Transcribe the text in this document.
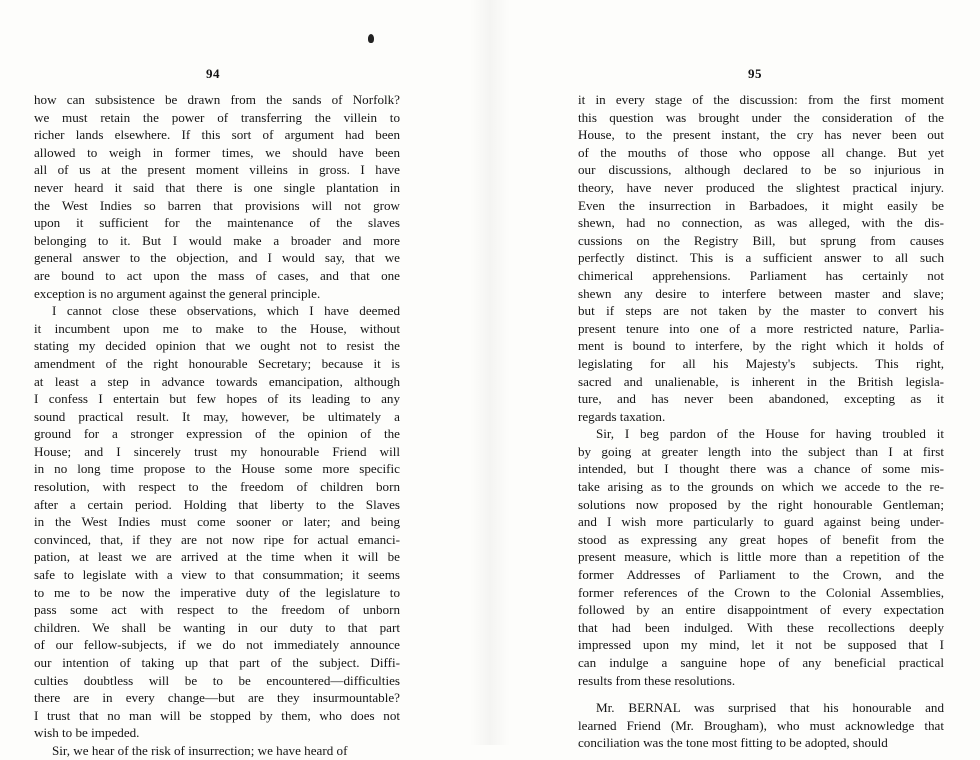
94	95
how can subsistence be drawn from the sands of Norfolk?
we must retain the power of transferring the villein to
richer lands elsewhere. If this sort of argument had been
allowed to weigh in former times, we should have been
all of us at the present moment villeins in gross. I have
never heard it said that there is one single plantation in
the West Indies so barren that provisions will not grow
upon it sufficient for the maintenance of the slaves
belonging to it. But I would make a broader and more
general answer to the objection, and I would say, that we
are bound to act upon the mass of cases, and that one
exception is no argument against the general principle.
I cannot close these observations, which I have deemed
it incumbent upon me to make to the House, without
stating my decided opinion that we ought not to resist the
amendment of the right honourable Secretary; because it is
at least a step in advance towards emancipation, although
I confess I entertain but few hopes of its leading to any
sound practical result. It may, however, be ultimately a
ground for a stronger expression of the opinion of the
House; and I sincerely trust my honourable Friend will
in no long time propose to the House some more specific
resolution, with respect to the freedom of children born
after a certain period. Holding that liberty to the Slaves
in the West Indies must come sooner or later; and being
convinced, that, if they are not now ripe for actual emanci-
pation, at least we are arrived at the time when it will be
safe to legislate with a view to that consummation; it seems
to me to be now the imperative duty of the legislature to
pass some act with respect to the freedom of unborn
children. We shall be wanting in our duty to that part
of our fellow-subjects, if we do not immediately announce
our intention of taking up that part of the subject. Diffi-
culties doubtless will be to be encountered—difficulties
there are in every change—but are they insurmountable?
I trust that no man will be stopped by them, who does not
wish to be impeded.
Sir, we hear of the risk of insurrection; we have heard of
it in every stage of the discussion: from the first moment
this question was brought under the consideration of the
House, to the present instant, the cry has never been out
of the mouths of those who oppose all change. But yet
our discussions, although declared to be so injurious in
theory, have never produced the slightest practical injury.
Even the insurrection in Barbadoes, it might easily be
shewn, had no connection, as was alleged, with the dis-
cussions on the Registry Bill, but sprung from causes
perfectly distinct. This is a sufficient answer to all such
chimerical apprehensions. Parliament has certainly not
shewn any desire to interfere between master and slave;
but if steps are not taken by the master to convert his
present tenure into one of a more restricted nature, Parlia-
ment is bound to interfere, by the right which it holds of
legislating for all his Majesty's subjects. This right,
sacred and unalienable, is inherent in the British legisla-
ture, and has never been abandoned, excepting as it
regards taxation.
Sir, I beg pardon of the House for having troubled it
by going at greater length into the subject than I at first
intended, but I thought there was a chance of some mis-
take arising as to the grounds on which we accede to the re-
solutions now proposed by the right honourable Gentleman;
and I wish more particularly to guard against being under-
stood as expressing any great hopes of benefit from the
present measure, which is little more than a repetition of the
former Addresses of Parliament to the Crown, and the
former references of the Crown to the Colonial Assemblies,
followed by an entire disappointment of every expectation
that had been indulged. With these recollections deeply
impressed upon my mind, let it not be supposed that I
can indulge a sanguine hope of any beneficial practical
results from these resolutions.
Mr. BERNAL was surprised that his honourable and
learned Friend (Mr. Brougham), who must acknowledge that
conciliation was the tone most fitting to be adopted, should
